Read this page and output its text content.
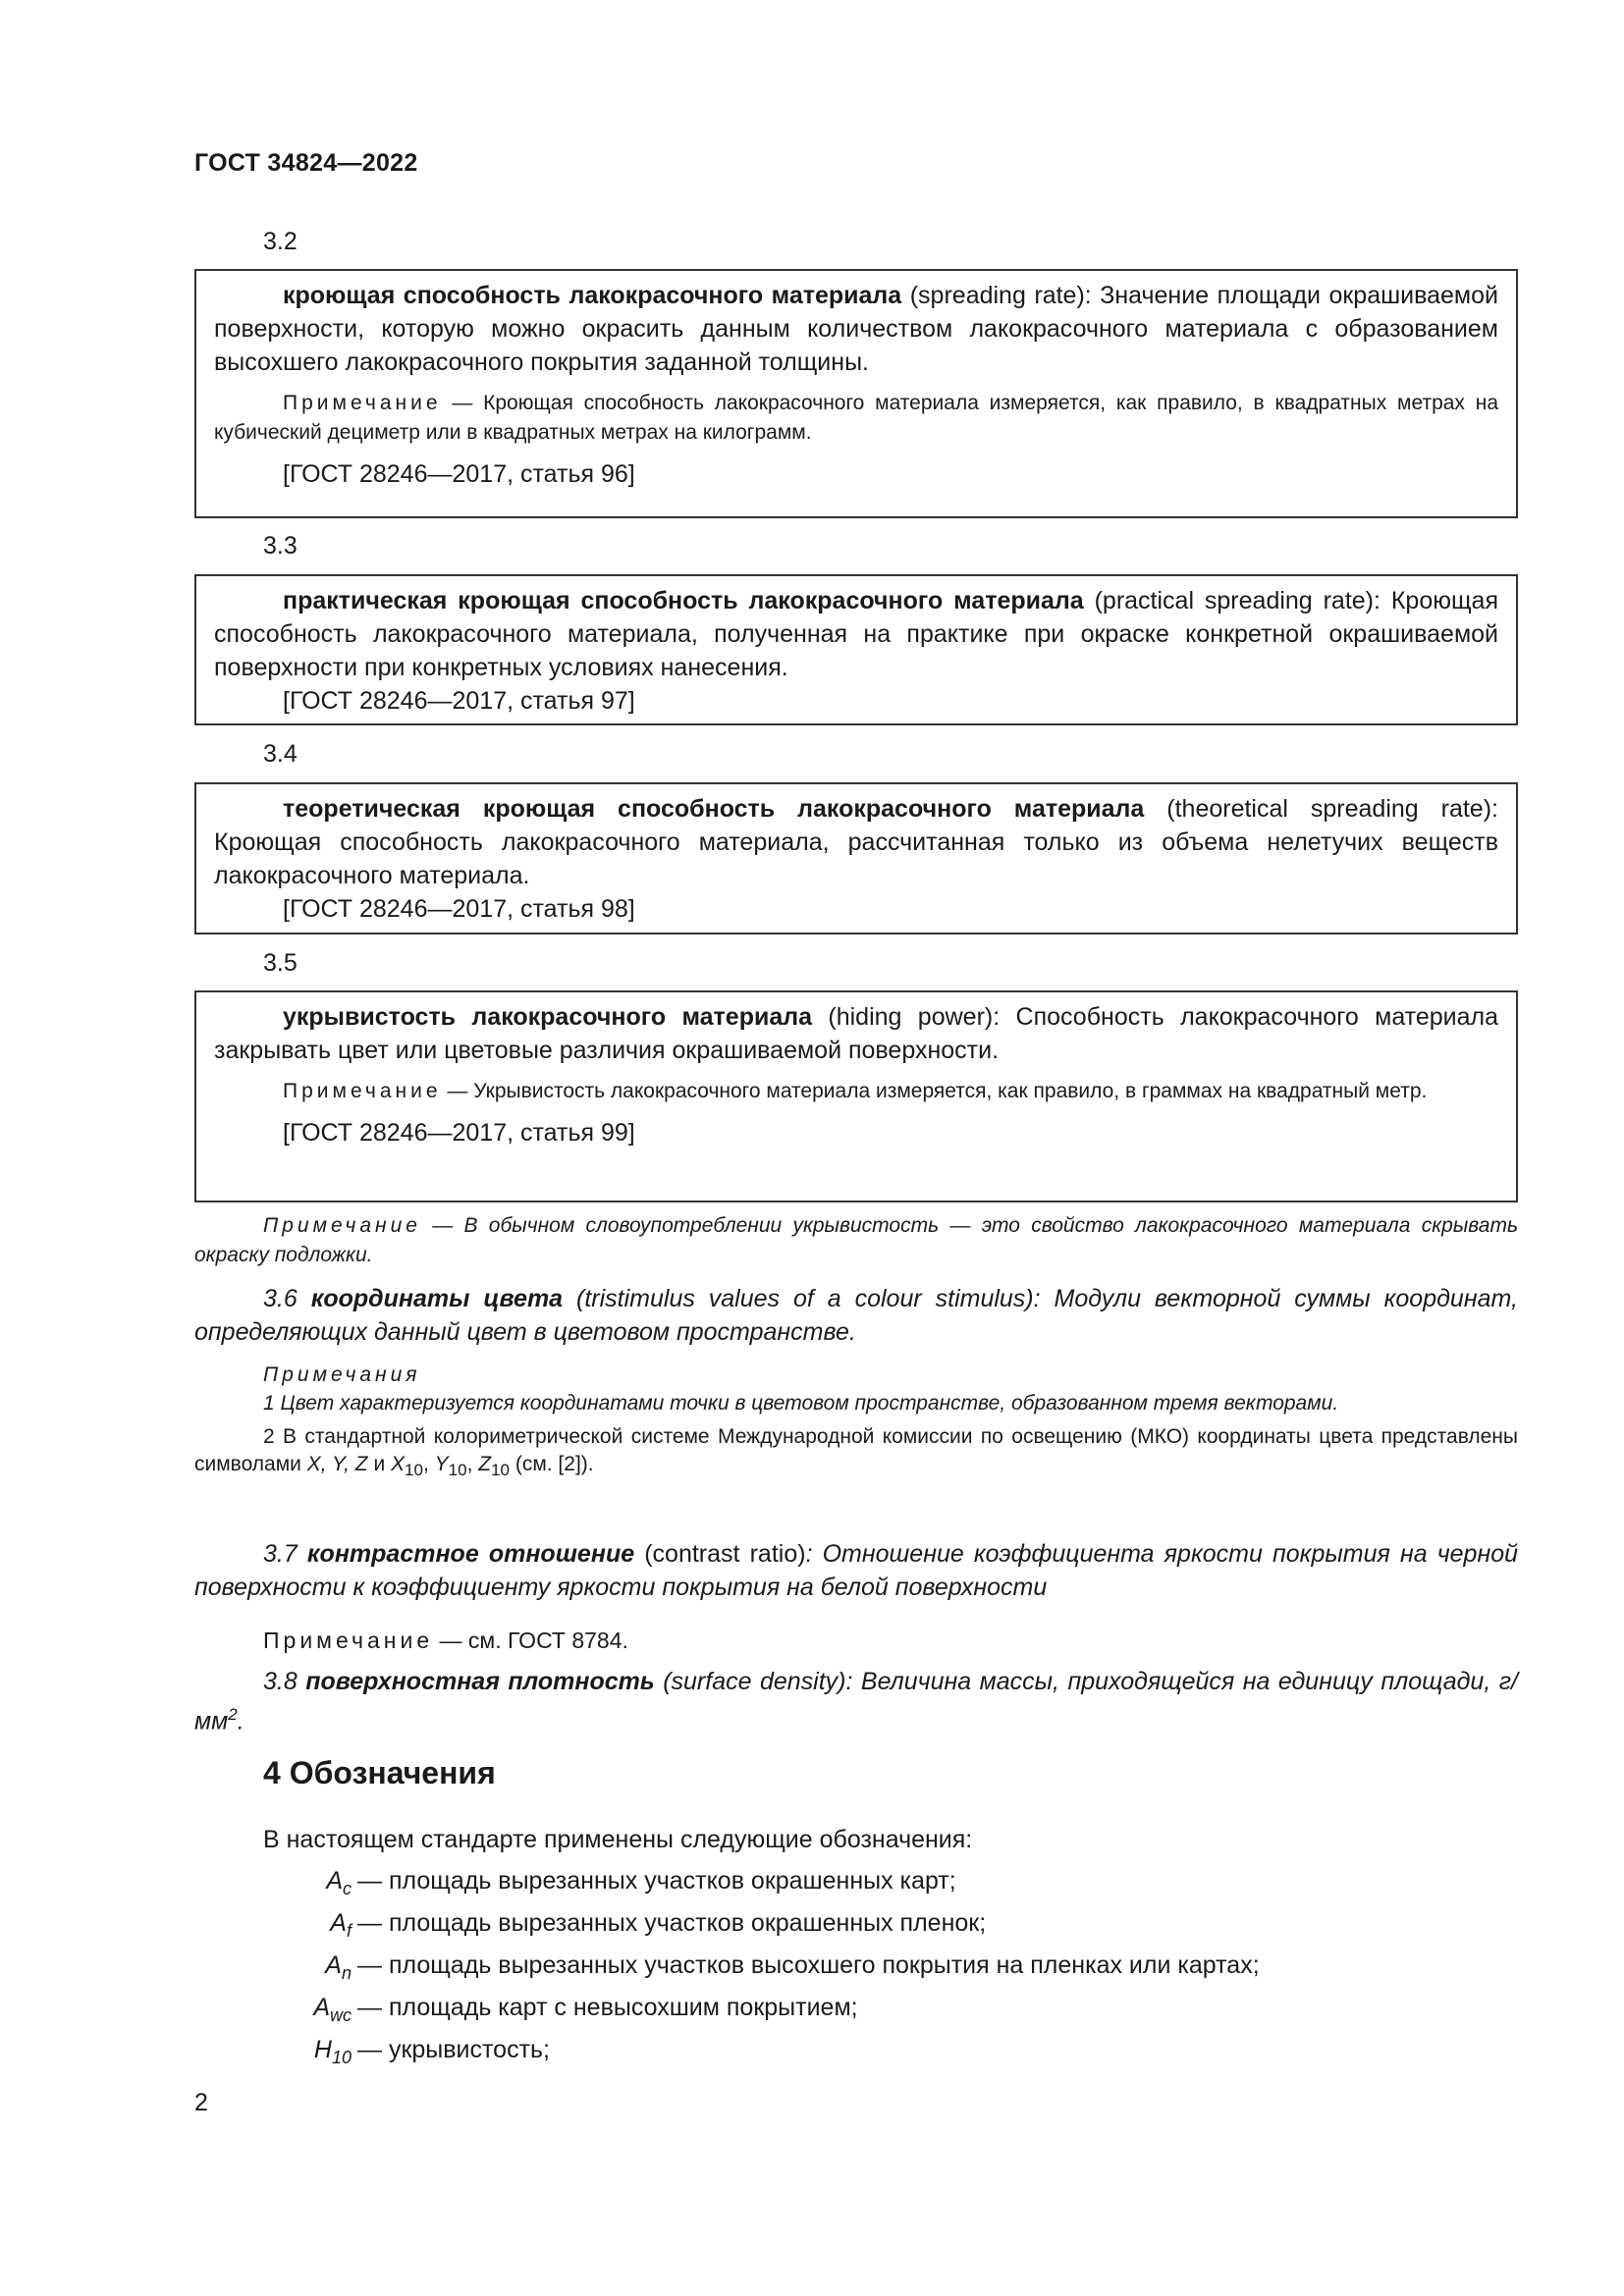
ГОСТ 34824—2022
3.2

кроющая способность лакокрасочного материала (spreading rate): Значение площади окрашиваемой поверхности, которую можно окрасить данным количеством лакокрасочного материала с образованием высохшего лакокрасочного покрытия заданной толщины.

Примечание — Кроющая способность лакокрасочного материала измеряется, как правило, в квадратных метрах на кубический дециметр или в квадратных метрах на килограмм.

[ГОСТ 28246—2017, статья 96]

3.3

практическая кроющая способность лакокрасочного материала (practical spreading rate): Кроющая способность лакокрасочного материала, полученная на практике при окраске конкретной окрашиваемой поверхности при конкретных условиях нанесения.

[ГОСТ 28246—2017, статья 97]

3.4

теоретическая кроющая способность лакокрасочного материала (theoretical spreading rate): Кроющая способность лакокрасочного материала, рассчитанная только из объема нелетучих веществ лакокрасочного материала.

[ГОСТ 28246—2017, статья 98]

3.5

укрывистость лакокрасочного материала (hiding power): Способность лакокрасочного материала закрывать цвет или цветовые различия окрашиваемой поверхности.

Примечание — Укрывистость лакокрасочного материала измеряется, как правило, в граммах на квадратный метр.

[ГОСТ 28246—2017, статья 99]

Примечание — В обычном словоупотреблении укрывистость — это свойство лакокрасочного материала скрывать окраску подложки.

3.6 координаты цвета (tristimulus values of a colour stimulus): Модули векторной суммы координат, определяющих данный цвет в цветовом пространстве.

Примечания

1 Цвет характеризуется координатами точки в цветовом пространстве, образованном тремя векторами.

2 В стандартной колориметрической системе Международной комиссии по освещению (МКО) координаты цвета представлены символами X, Y, Z и $X_{10}$, $Y_{10}$, $Z_{10}$ (см. [2]).

3.7 контрастное отношение (contrast ratio): Отношение коэффициента яркости покрытия на черной поверхности к коэффициенту яркости покрытия на белой поверхности

Примечание — см. ГОСТ 8784.

3.8 поверхностная плотность (surface density): Величина массы, приходящейся на единицу площади, $г/мм^2$.

4 Обозначения
В настоящем стандарте применены следующие обозначения:
$A_c$ — площадь вырезанных участков окрашенных карт;
$A_f$ — площадь вырезанных участков окрашенных пленок;
$A_n$ — площадь вырезанных участков высохшего покрытия на пленках или картах;
$A_{wc}$ — площадь карт с невысохшим покрытием;
$H_{10}$ — укрывистость;
2
